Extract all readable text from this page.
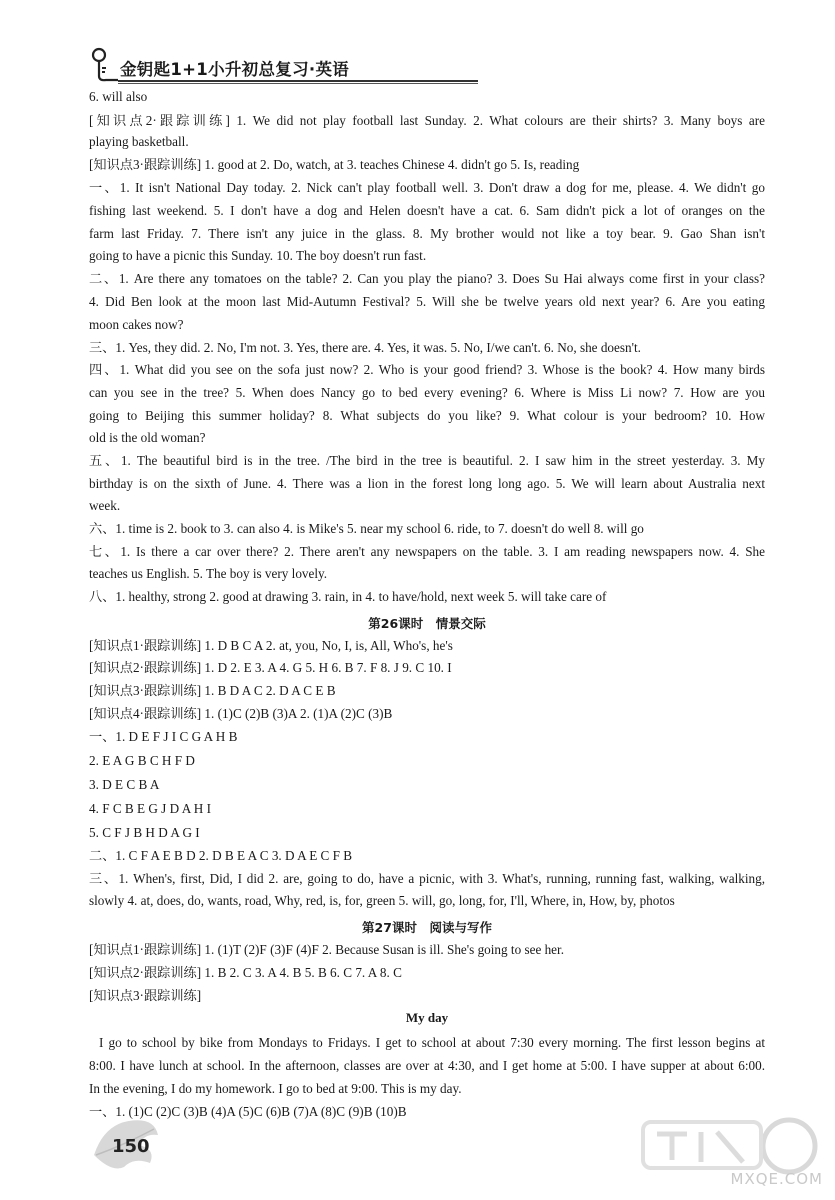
金钥匙1+1小升初总复习·英语
6. will also
[知识点2·跟踪训练] 1. We did not play football last Sunday. 2. What colours are their shirts? 3. Many boys are
playing basketball.
[知识点3·跟踪训练] 1. good at 2. Do, watch, at 3. teaches Chinese 4. didn't go 5. Is, reading
一、1. It isn't National Day today. 2. Nick can't play football well. 3. Don't draw a dog for me, please. 4. We didn't go
fishing last weekend. 5. I don't have a dog and Helen doesn't have a cat. 6. Sam didn't pick a lot of oranges on the
farm last Friday. 7. There isn't any juice in the glass. 8. My brother would not like a toy bear. 9. Gao Shan isn't
going to have a picnic this Sunday. 10. The boy doesn't run fast.
二、1. Are there any tomatoes on the table? 2. Can you play the piano? 3. Does Su Hai always come first in your class?
4. Did Ben look at the moon last Mid-Autumn Festival? 5. Will she be twelve years old next year? 6. Are you eating
moon cakes now?
三、1. Yes, they did. 2. No, I'm not. 3. Yes, there are. 4. Yes, it was. 5. No, I/we can't. 6. No, she doesn't.
四、1. What did you see on the sofa just now? 2. Who is your good friend? 3. Whose is the book? 4. How many birds
can you see in the tree? 5. When does Nancy go to bed every evening? 6. Where is Miss Li now? 7. How are you
going to Beijing this summer holiday? 8. What subjects do you like? 9. What colour is your bedroom? 10. How
old is the old woman?
五、1. The beautiful bird is in the tree. /The bird in the tree is beautiful. 2. I saw him in the street yesterday. 3. My
birthday is on the sixth of June. 4. There was a lion in the forest long long ago. 5. We will learn about Australia next
week.
六、1. time is 2. book to 3. can also 4. is Mike's 5. near my school 6. ride, to 7. doesn't do well 8. will go
七、1. Is there a car over there? 2. There aren't any newspapers on the table. 3. I am reading newspapers now. 4. She
teaches us English. 5. The boy is very lovely.
八、1. healthy, strong 2. good at drawing 3. rain, in 4. to have/hold, next week 5. will take care of
第26课时　情景交际
[知识点1·跟踪训练] 1. D B C A 2. at, you, No, I, is, All, Who's, he's
[知识点2·跟踪训练] 1. D 2. E 3. A 4. G 5. H 6. B 7. F 8. J 9. C 10. I
[知识点3·跟踪训练] 1. B D A C 2. D A C E B
[知识点4·跟踪训练] 1. (1)C (2)B (3)A 2. (1)A (2)C (3)B
一、1. D E F J I C G A H B
2. E A G B C H F D
3. D E C B A
4. F C B E G J D A H I
5. C F J B H D A G I
二、1. C F A E B D 2. D B E A C 3. D A E C F B
三、1. When's, first, Did, I did 2. are, going to do, have a picnic, with 3. What's, running, running fast, walking, walking,
slowly 4. at, does, do, wants, road, Why, red, is, for, green 5. will, go, long, for, I'll, Where, in, How, by, photos
第27课时　阅读与写作
[知识点1·跟踪训练] 1. (1)T (2)F (3)F (4)F 2. Because Susan is ill. She's going to see her.
[知识点2·跟踪训练] 1. B 2. C 3. A 4. B 5. B 6. C 7. A 8. C
[知识点3·跟踪训练]
My day
I go to school by bike from Mondays to Fridays. I get to school at about 7:30 every morning. The first lesson begins at
8:00. I have lunch at school. In the afternoon, classes are over at 4:30, and I get home at 5:00. I have supper at about 6:00.
In the evening, I do my homework. I go to bed at 9:00. This is my day.
一、1. (1)C (2)C (3)B (4)A (5)C (6)B (7)A (8)C (9)B (10)B
150
MXQE.COM
